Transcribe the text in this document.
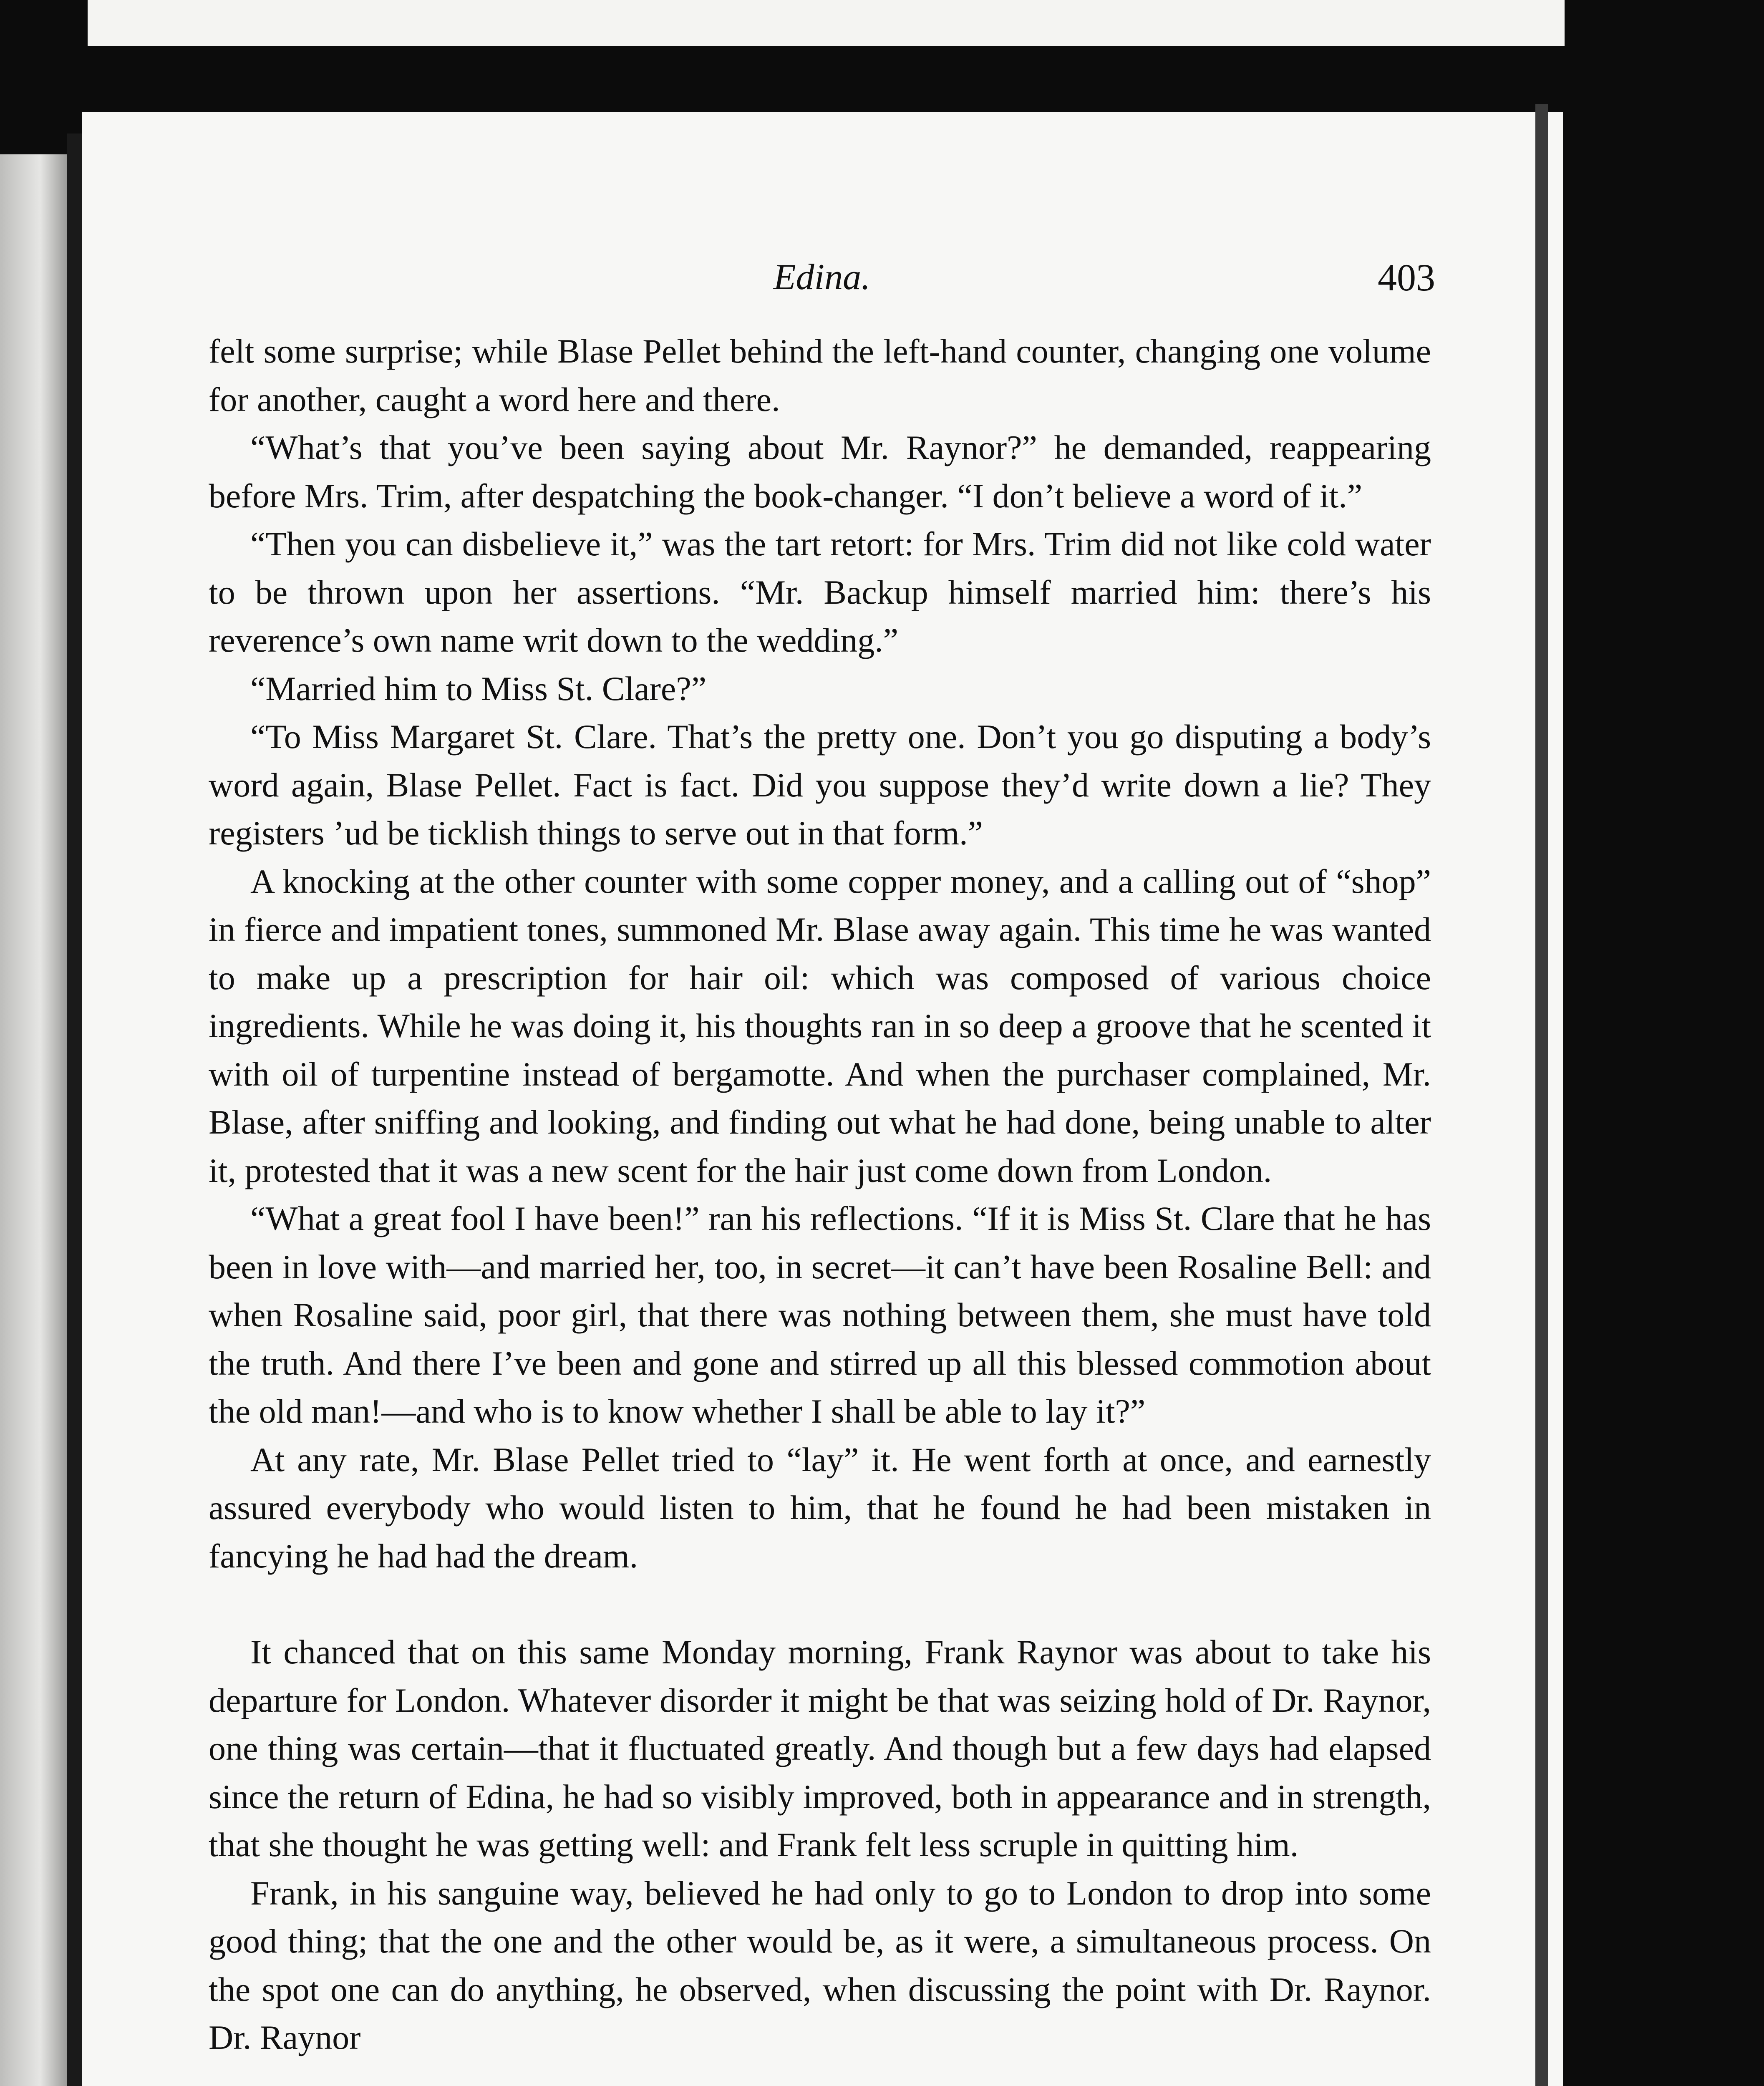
Edina.	403

felt some surprise; while Blase Pellet behind the left-hand counter, changing one volume for another, caught a word here and there.

“What’s that you’ve been saying about Mr. Raynor?” he demanded, reappearing before Mrs. Trim, after despatching the book-changer. “I don’t believe a word of it.”

“Then you can disbelieve it,” was the tart retort: for Mrs. Trim did not like cold water to be thrown upon her assertions. “Mr. Backup himself married him: there’s his reverence’s own name writ down to the wedding.”

“Married him to Miss St. Clare?”

“To Miss Margaret St. Clare. That’s the pretty one. Don’t you go disputing a body’s word again, Blase Pellet. Fact is fact. Did you suppose they’d write down a lie? They registers ’ud be ticklish things to serve out in that form.”

A knocking at the other counter with some copper money, and a calling out of “shop” in fierce and impatient tones, summoned Mr. Blase away again. This time he was wanted to make up a prescription for hair oil: which was composed of various choice ingredients. While he was doing it, his thoughts ran in so deep a groove that he scented it with oil of turpentine instead of bergamotte. And when the purchaser complained, Mr. Blase, after sniffing and looking, and finding out what he had done, being unable to alter it, protested that it was a new scent for the hair just come down from London.

“What a great fool I have been!” ran his reflections. “If it is Miss St. Clare that he has been in love with—and married her, too, in secret—it can’t have been Rosaline Bell: and when Rosaline said, poor girl, that there was nothing between them, she must have told the truth. And there I’ve been and gone and stirred up all this blessed commotion about the old man!—and who is to know whether I shall be able to lay it?”

At any rate, Mr. Blase Pellet tried to “lay” it. He went forth at once, and earnestly assured everybody who would listen to him, that he found he had been mistaken in fancying he had had the dream.

It chanced that on this same Monday morning, Frank Raynor was about to take his departure for London. Whatever disorder it might be that was seizing hold of Dr. Raynor, one thing was certain—that it fluctuated greatly. And though but a few days had elapsed since the return of Edina, he had so visibly improved, both in appearance and in strength, that she thought he was getting well: and Frank felt less scruple in quitting him.

Frank, in his sanguine way, believed he had only to go to London to drop into some good thing; that the one and the other would be, as it were, a simultaneous process. On the spot one can do anything, he observed, when discussing the point with Dr. Raynor. Dr. Raynor
